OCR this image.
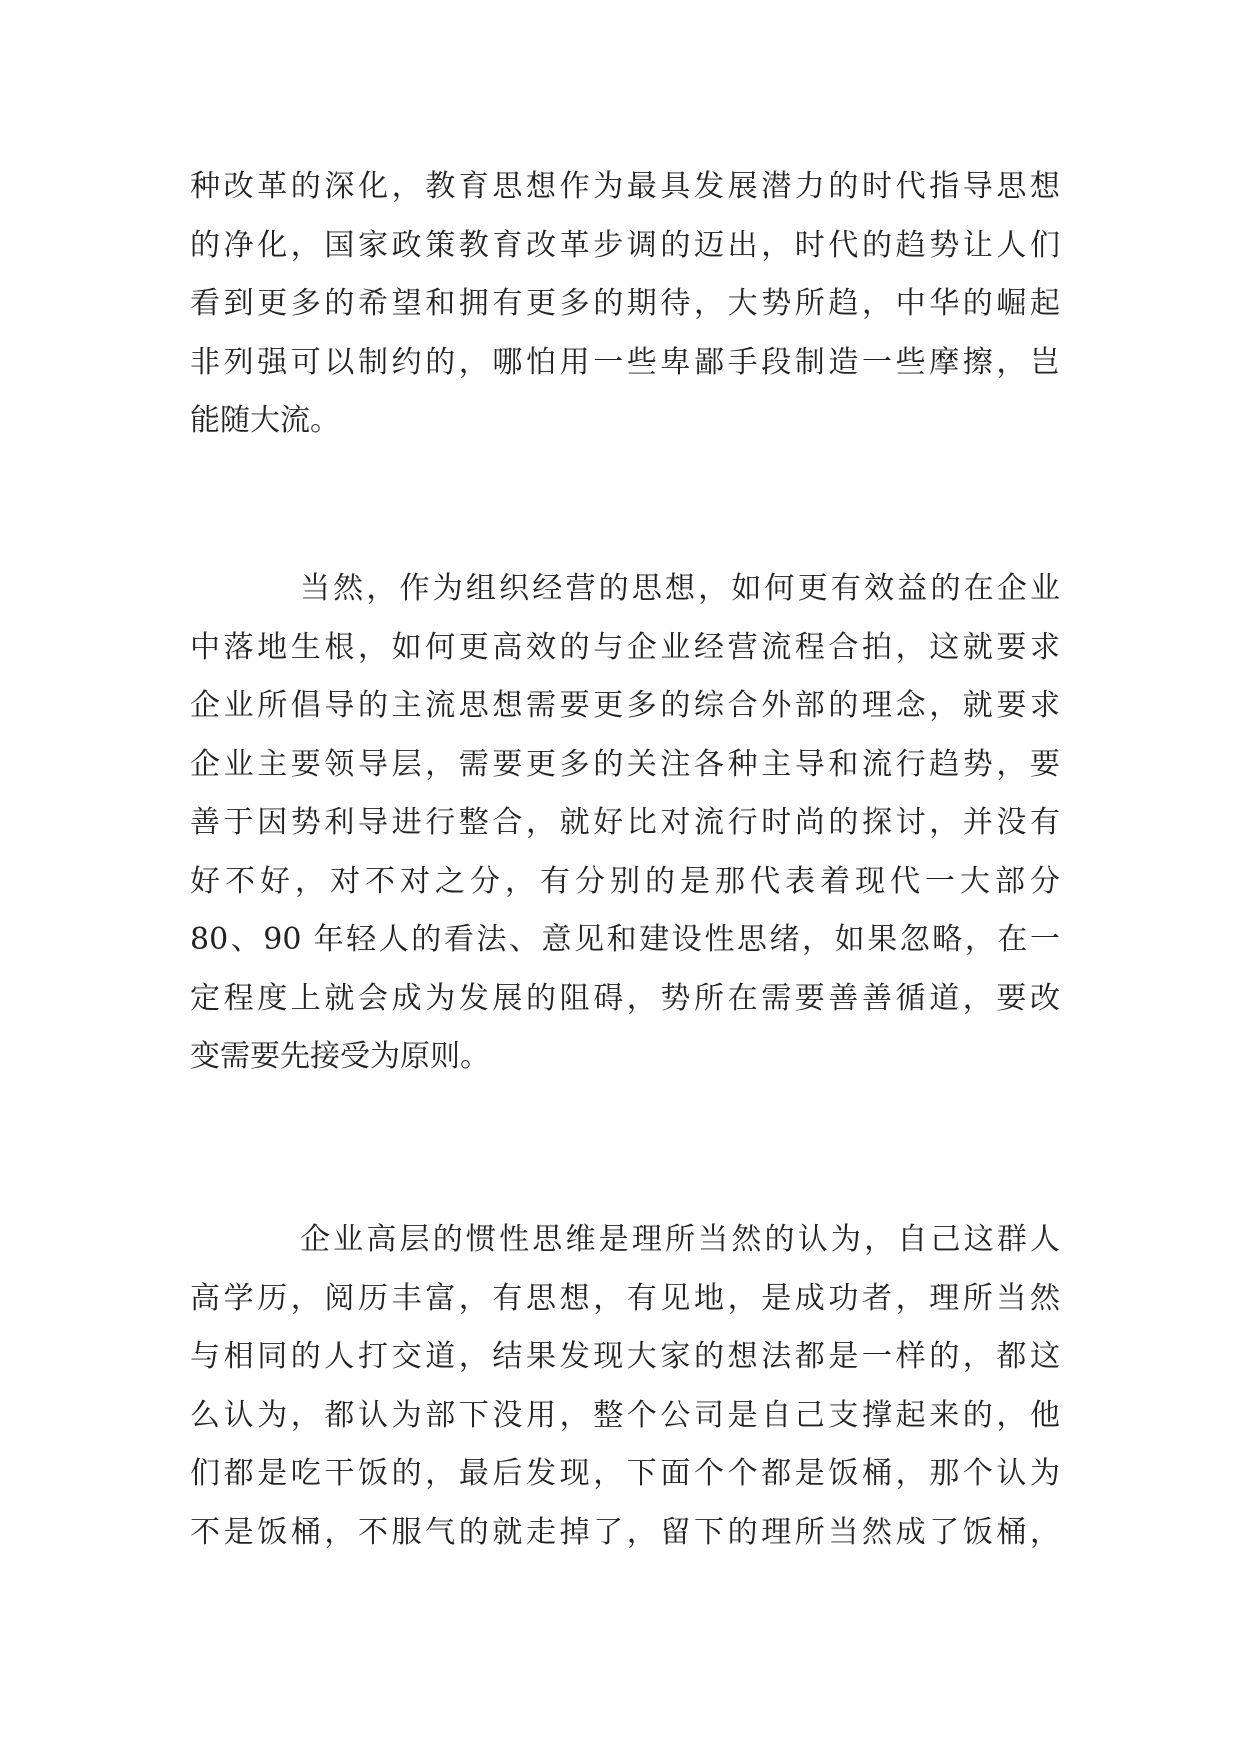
种改革的深化，教育思想作为最具发展潜力的时代指导思想
的净化，国家政策教育改革步调的迈出，时代的趋势让人们
看到更多的希望和拥有更多的期待，大势所趋，中华的崛起
非列强可以制约的，哪怕用一些卑鄙手段制造一些摩擦，岂
能随大流。
当然，作为组织经营的思想，如何更有效益的在企业
中落地生根，如何更高效的与企业经营流程合拍，这就要求
企业所倡导的主流思想需要更多的综合外部的理念，就要求
企业主要领导层，需要更多的关注各种主导和流行趋势，要
善于因势利导进行整合，就好比对流行时尚的探讨，并没有
好不好，对不对之分，有分别的是那代表着现代一大部分
80、90 年轻人的看法、意见和建设性思绪，如果忽略，在一
定程度上就会成为发展的阻碍，势所在需要善善循道，要改
变需要先接受为原则。
企业高层的惯性思维是理所当然的认为，自己这群人
高学历，阅历丰富，有思想，有见地，是成功者，理所当然
与相同的人打交道，结果发现大家的想法都是一样的，都这
么认为，都认为部下没用，整个公司是自己支撑起来的，他
们都是吃干饭的，最后发现，下面个个都是饭桶，那个认为
不是饭桶，不服气的就走掉了，留下的理所当然成了饭桶，
